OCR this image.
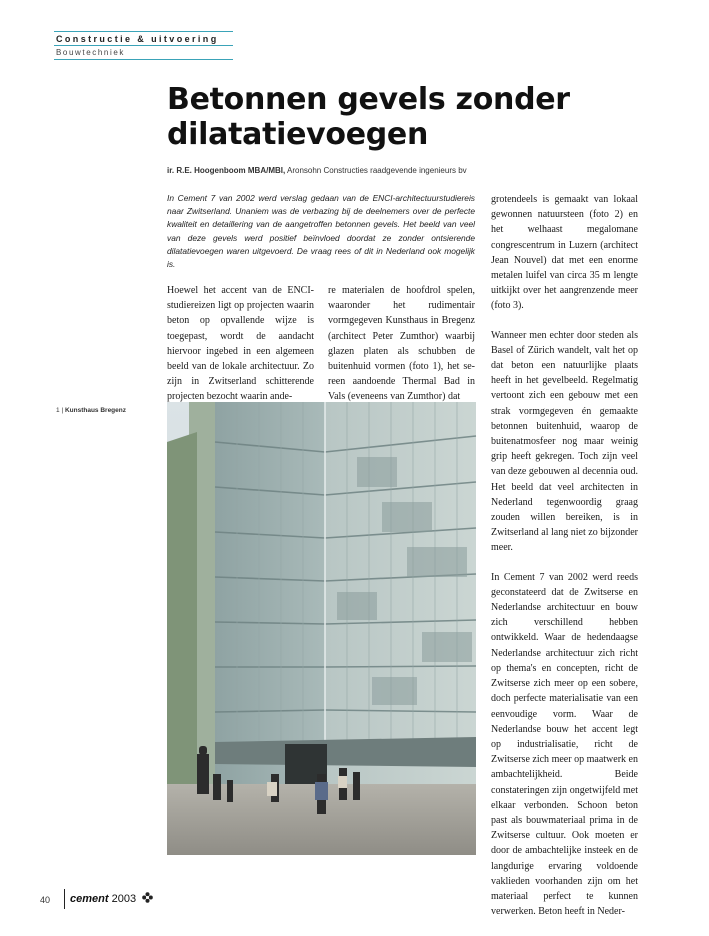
Constructie & uitvoering
Bouwtechniek
Betonnen gevels zonder dilatatievoegen
ir. R.E. Hoogenboom MBA/MBI, Aronsohn Constructies raadgevende ingenieurs bv

In Cement 7 van 2002 werd verslag gedaan van de ENCI-architectuurstudiereis naar Zwitserland. Unaniem was de verbazing bij de deelnemers over de perfecte kwaliteit en detaillering van de aangetroffen betonnen gevels. Het beeld van veel van deze gevels werd positief beïnvloed doordat ze zonder ontsierende dilatatievoegen waren uitgevoerd. De vraag rees of dit in Nederland ook mogelijk is.

Hoewel het accent van de ENCI-studiereizen ligt op projecten waarin beton op opvallende wijze is toegepast, wordt de aandacht hiervoor ingebed in een algemeen beeld van de lokale architectuur. Zo zijn in Zwitserland schitterende projecten bezocht waarin ande-

re materialen de hoofdrol spelen, waaronder het rudimentair vormgegeven Kunsthaus in Bregenz (architect Peter Zumthor) waarbij glazen platen als schubben de buitenhuid vormen (foto 1), het sereen aandoende Thermal Bad in Vals (eveneens van Zumthor) dat

grotendeels is gemaakt van lokaal gewonnen natuursteen (foto 2) en het welhaast megalomane congrescentrum in Luzern (architect Jean Nouvel) dat met een enorme metalen luifel van circa 35 m lengte uitkijkt over het aangrenzende meer (foto 3).

Wanneer men echter door steden als Basel of Zürich wandelt, valt het op dat beton een natuurlijke plaats heeft in het gevelbeeld. Regelmatig vertoont zich een gebouw met een strak vormgegeven én gemaakte betonnen buitenhuid, waarop de buitenatmosfeer nog maar weinig grip heeft gekregen. Toch zijn veel van deze gebouwen al decennia oud. Het beeld dat veel architecten in Nederland tegenwoordig graag zouden willen bereiken, is in Zwitserland al lang niet zo bijzonder meer.

In Cement 7 van 2002 werd reeds geconstateerd dat de Zwitserse en Nederlandse architectuur en bouw zich verschillend hebben ontwikkeld. Waar de hedendaagse Nederlandse architectuur zich richt op thema's en concepten, richt de Zwitserse zich meer op een sobere, doch perfecte materialisatie van een eenvoudige vorm. Waar de Nederlandse bouw het accent legt op industrialisatie, richt de Zwitserse zich meer op maatwerk en ambachtelijkheid. Beide constateringen zijn ongetwijfeld met elkaar verbonden. Schoon beton past als bouwmateriaal prima in de Zwitserse cultuur. Ook moeten er door de ambachtelijke insteek en de langdurige ervaring voldoende vaklieden voorhanden zijn om het materiaal perfect te kunnen verwerken. Beton heeft in Neder-

1 | Kunsthaus Bregenz
40 cement 2003
